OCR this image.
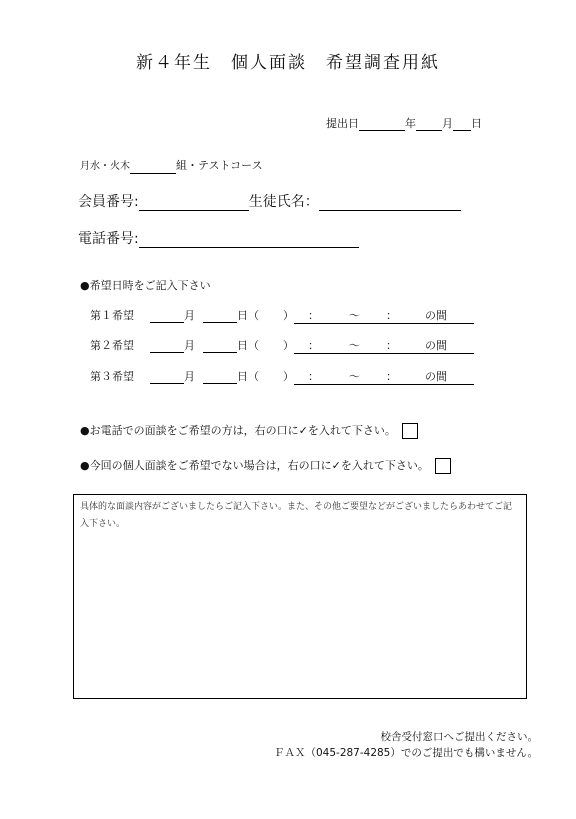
新４年生　個人面談　希望調査用紙
提出日	年 月 日
月水・火木	組・テストコース
会員番号:	生徒氏名：
電話番号:
●希望日時をご記入下さい
第１希望	月	日（ ） ：	～ ：	の間
第２希望	月	日（ ） ：	～ ：	の間
第３希望	月	日（ ） ：	～ ：	の間
●お電話での面談をご希望の方は，右の口に✓を入れて下さい。
●今回の個人面談をご希望でない場合は，右の口に✓を入れて下さい。
具体的な面談内容がございましたらご記入下さい。また、その他ご要望などがございましたらあわせてご記入下さい。
校舎受付窓口へご提出ください。
ＦＡＸ（045-287-4285）でのご提出でも構いません。
